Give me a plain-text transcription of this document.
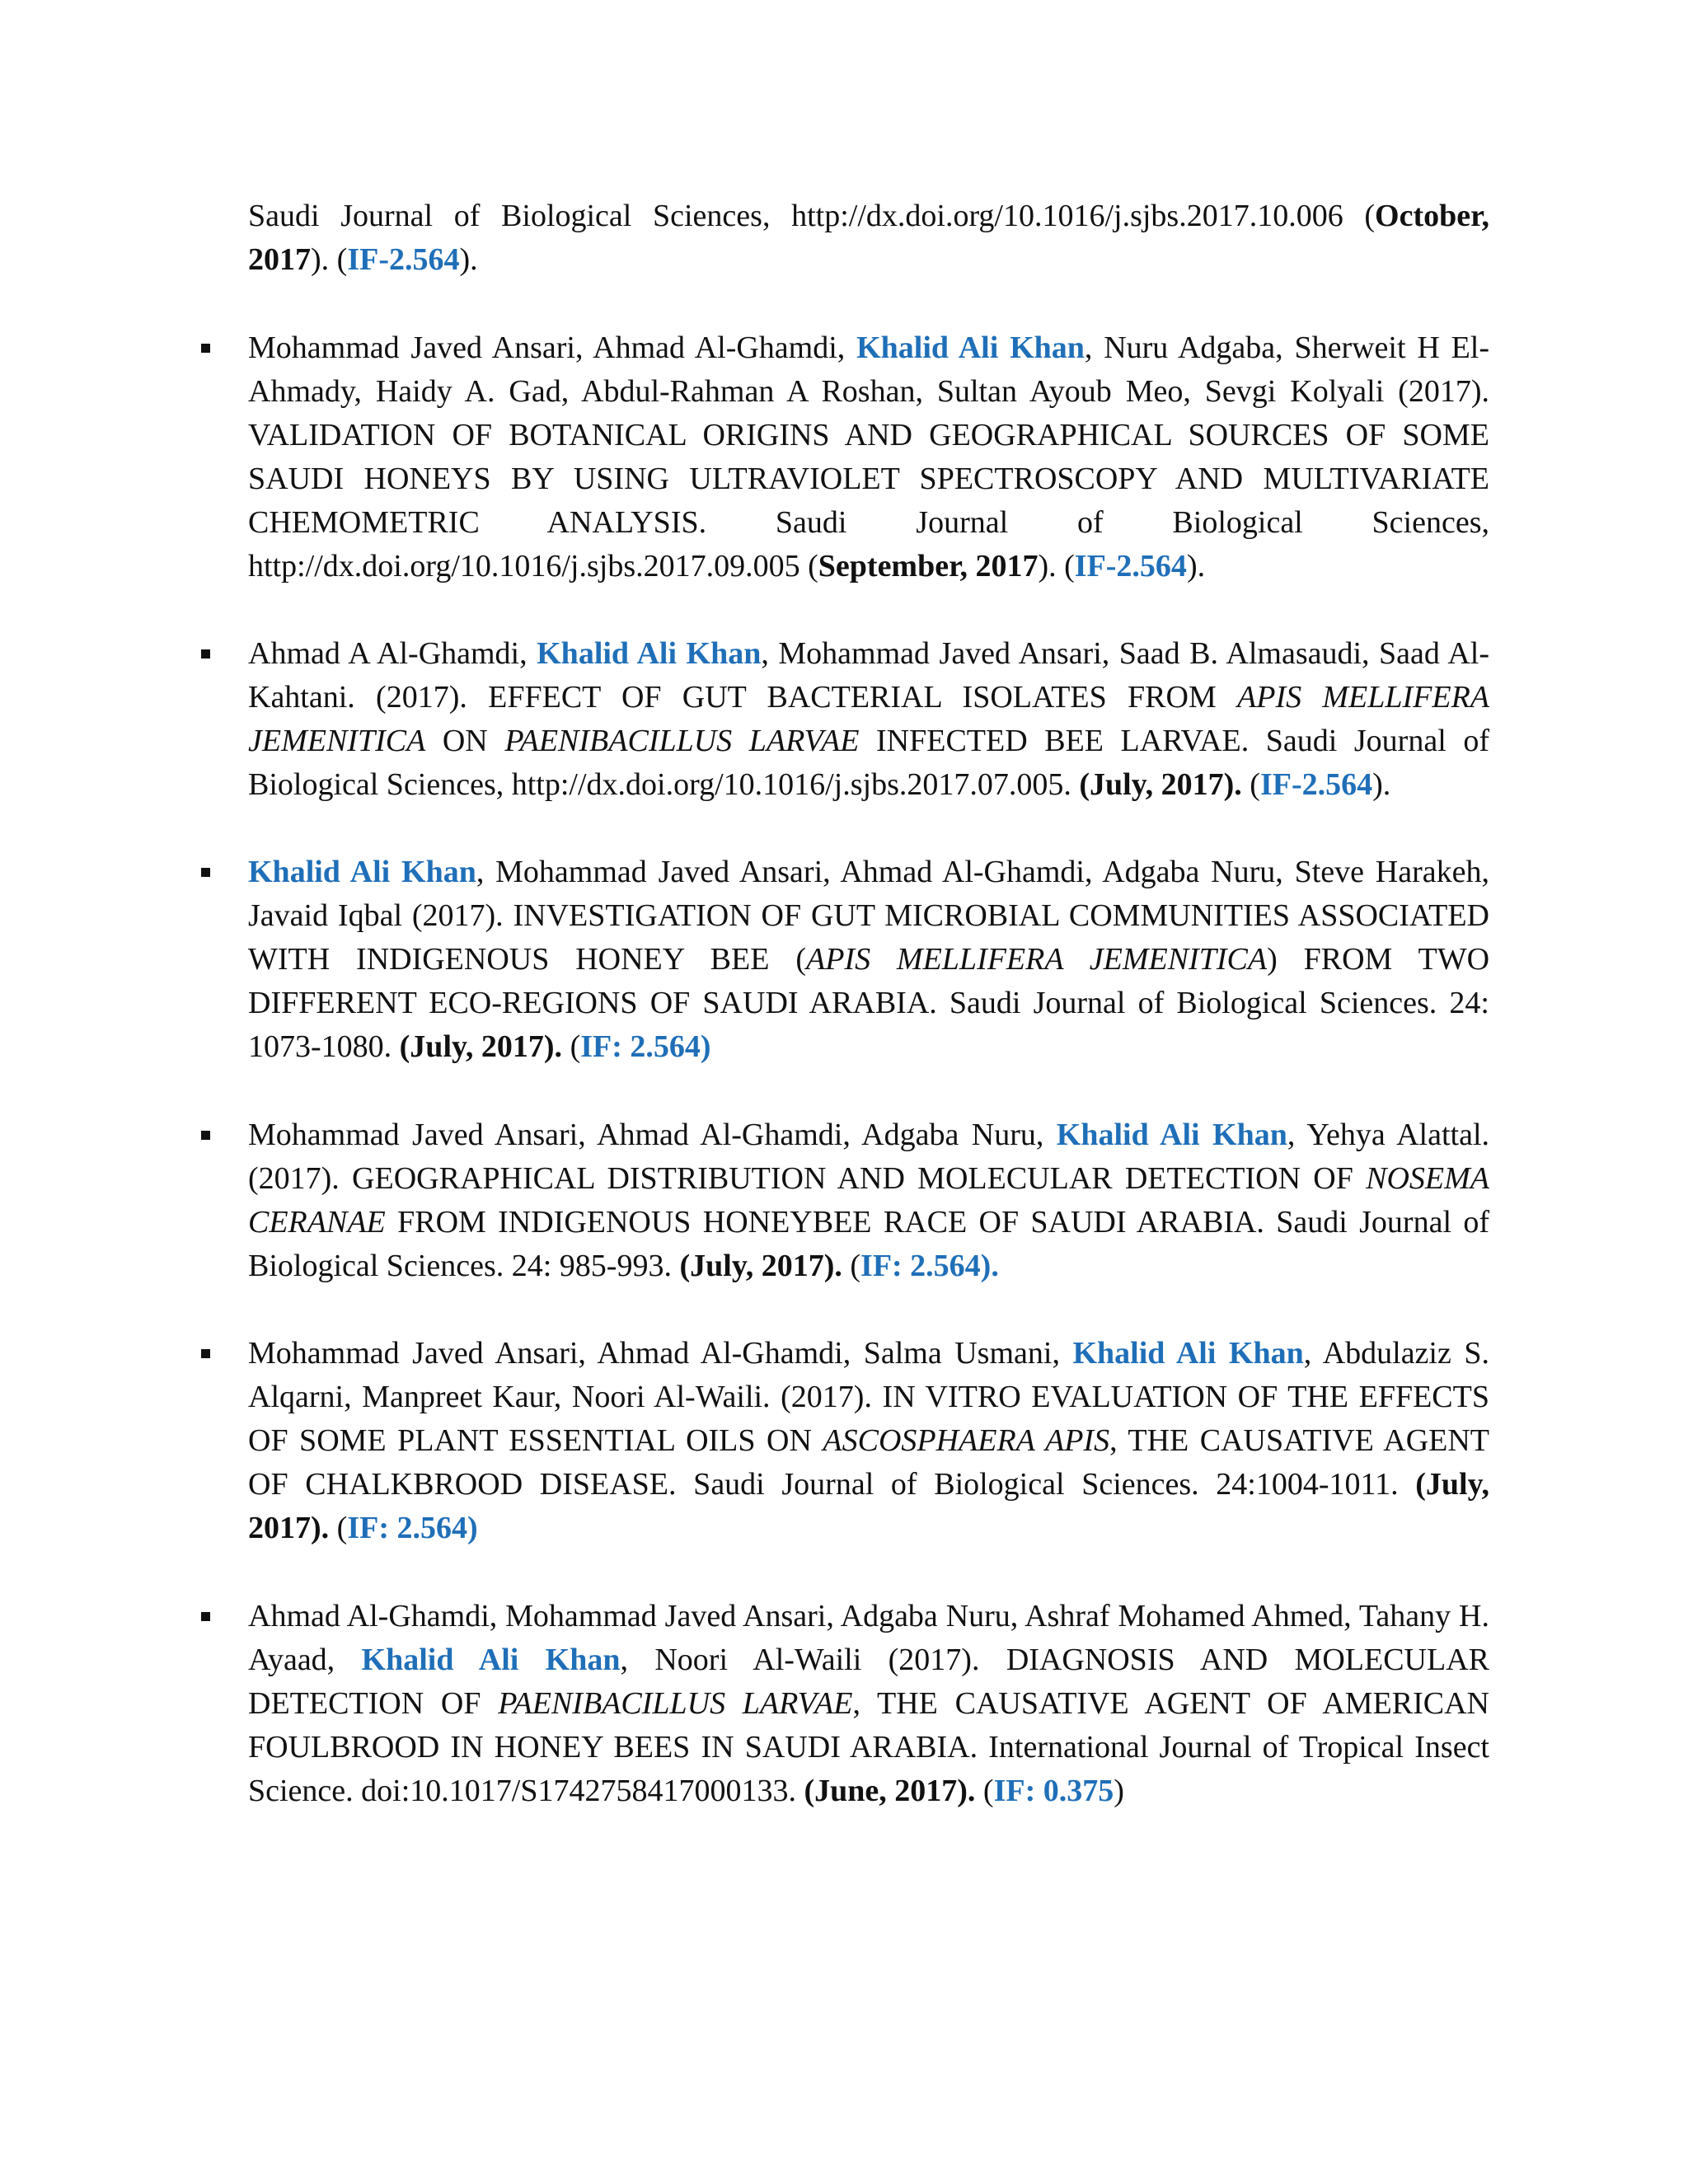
Saudi Journal of Biological Sciences, http://dx.doi.org/10.1016/j.sjbs.2017.10.006 (October, 2017). (IF-2.564).
Mohammad Javed Ansari, Ahmad Al-Ghamdi, Khalid Ali Khan, Nuru Adgaba, Sherweit H El-Ahmady, Haidy A. Gad, Abdul-Rahman A Roshan, Sultan Ayoub Meo, Sevgi Kolyali (2017). VALIDATION OF BOTANICAL ORIGINS AND GEOGRAPHICAL SOURCES OF SOME SAUDI HONEYS BY USING ULTRAVIOLET SPECTROSCOPY AND MULTIVARIATE CHEMOMETRIC ANALYSIS. Saudi Journal of Biological Sciences, http://dx.doi.org/10.1016/j.sjbs.2017.09.005 (September, 2017). (IF-2.564).
Ahmad A Al-Ghamdi, Khalid Ali Khan, Mohammad Javed Ansari, Saad B. Almasaudi, Saad Al-Kahtani. (2017). EFFECT OF GUT BACTERIAL ISOLATES FROM APIS MELLIFERA JEMENITICA ON PAENIBACILLUS LARVAE INFECTED BEE LARVAE. Saudi Journal of Biological Sciences, http://dx.doi.org/10.1016/j.sjbs.2017.07.005. (July, 2017). (IF-2.564).
Khalid Ali Khan, Mohammad Javed Ansari, Ahmad Al-Ghamdi, Adgaba Nuru, Steve Harakeh, Javaid Iqbal (2017). INVESTIGATION OF GUT MICROBIAL COMMUNITIES ASSOCIATED WITH INDIGENOUS HONEY BEE (APIS MELLIFERA JEMENITICA) FROM TWO DIFFERENT ECO-REGIONS OF SAUDI ARABIA. Saudi Journal of Biological Sciences. 24: 1073-1080. (July, 2017). (IF: 2.564)
Mohammad Javed Ansari, Ahmad Al-Ghamdi, Adgaba Nuru, Khalid Ali Khan, Yehya Alattal. (2017). GEOGRAPHICAL DISTRIBUTION AND MOLECULAR DETECTION OF NOSEMA CERANAE FROM INDIGENOUS HONEYBEE RACE OF SAUDI ARABIA. Saudi Journal of Biological Sciences. 24: 985-993. (July, 2017). (IF: 2.564).
Mohammad Javed Ansari, Ahmad Al-Ghamdi, Salma Usmani, Khalid Ali Khan, Abdulaziz S. Alqarni, Manpreet Kaur, Noori Al-Waili. (2017). IN VITRO EVALUATION OF THE EFFECTS OF SOME PLANT ESSENTIAL OILS ON ASCOSPHAERA APIS, THE CAUSATIVE AGENT OF CHALKBROOD DISEASE. Saudi Journal of Biological Sciences. 24:1004-1011. (July, 2017). (IF: 2.564)
Ahmad Al-Ghamdi, Mohammad Javed Ansari, Adgaba Nuru, Ashraf Mohamed Ahmed, Tahany H. Ayaad, Khalid Ali Khan, Noori Al-Waili (2017). DIAGNOSIS AND MOLECULAR DETECTION OF PAENIBACILLUS LARVAE, THE CAUSATIVE AGENT OF AMERICAN FOULBROOD IN HONEY BEES IN SAUDI ARABIA. International Journal of Tropical Insect Science. doi:10.1017/S1742758417000133. (June, 2017). (IF: 0.375)
